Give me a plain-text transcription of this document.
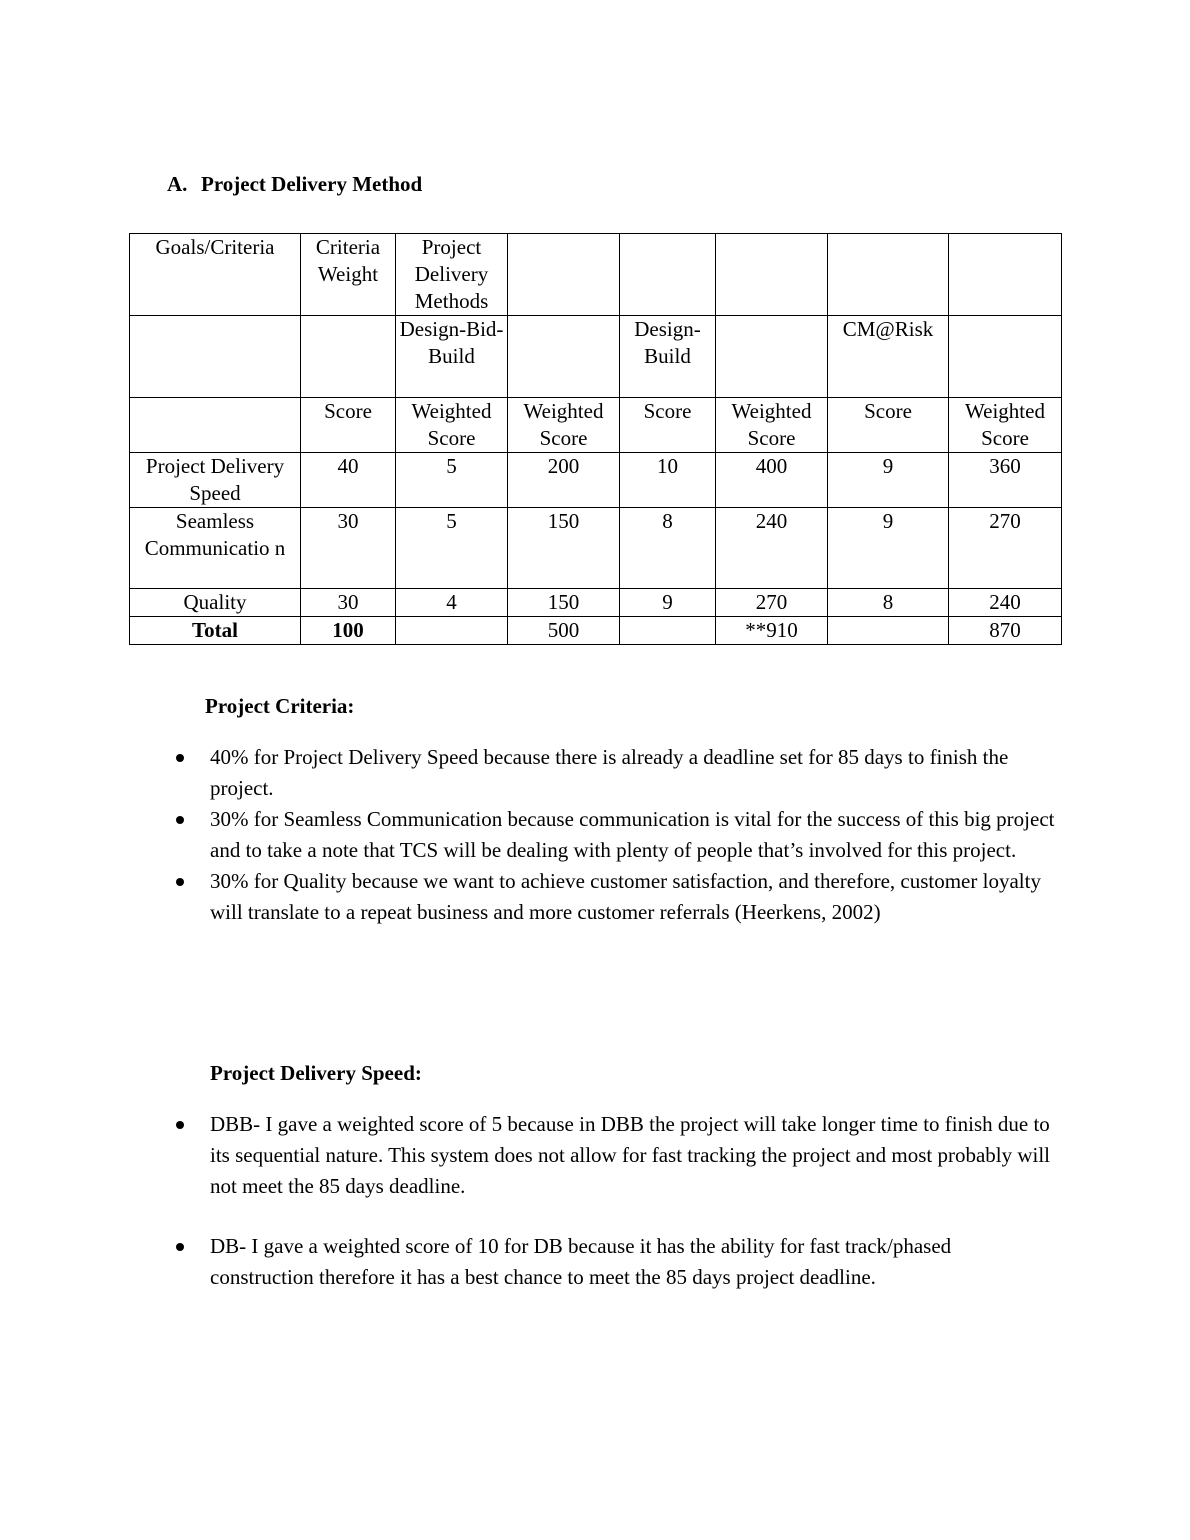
A. Project Delivery Method
Goals/Criteria	Criteria Weight	Project Delivery Methods					
		Design-Bid-Build		Design-Build		CM@Risk	
	Score	Weighted Score	Weighted Score	Score	Weighted Score	Score	Weighted Score
Project Delivery Speed	40	5	200	10	400	9	360
Seamless Communicatio n	30	5	150	8	240	9	270
Quality	30	4	150	9	270	8	240
Total	100		500		**910		870
Project Criteria:
40% for Project Delivery Speed because there is already a deadline set for 85 days to finish the project.
30% for Seamless Communication because communication is vital for the success of this big project and to take a note that TCS will be dealing with plenty of people that’s involved for this project.
30% for Quality because we want to achieve customer satisfaction, and therefore, customer loyalty will translate to a repeat business and more customer referrals (Heerkens, 2002)
Project Delivery Speed:
DBB- I gave a weighted score of 5 because in DBB the project will take longer time to finish due to its sequential nature. This system does not allow for fast tracking the project and most probably will not meet the 85 days deadline.
DB- I gave a weighted score of 10 for DB because it has the ability for fast track/phased construction therefore it has a best chance to meet the 85 days project deadline.
